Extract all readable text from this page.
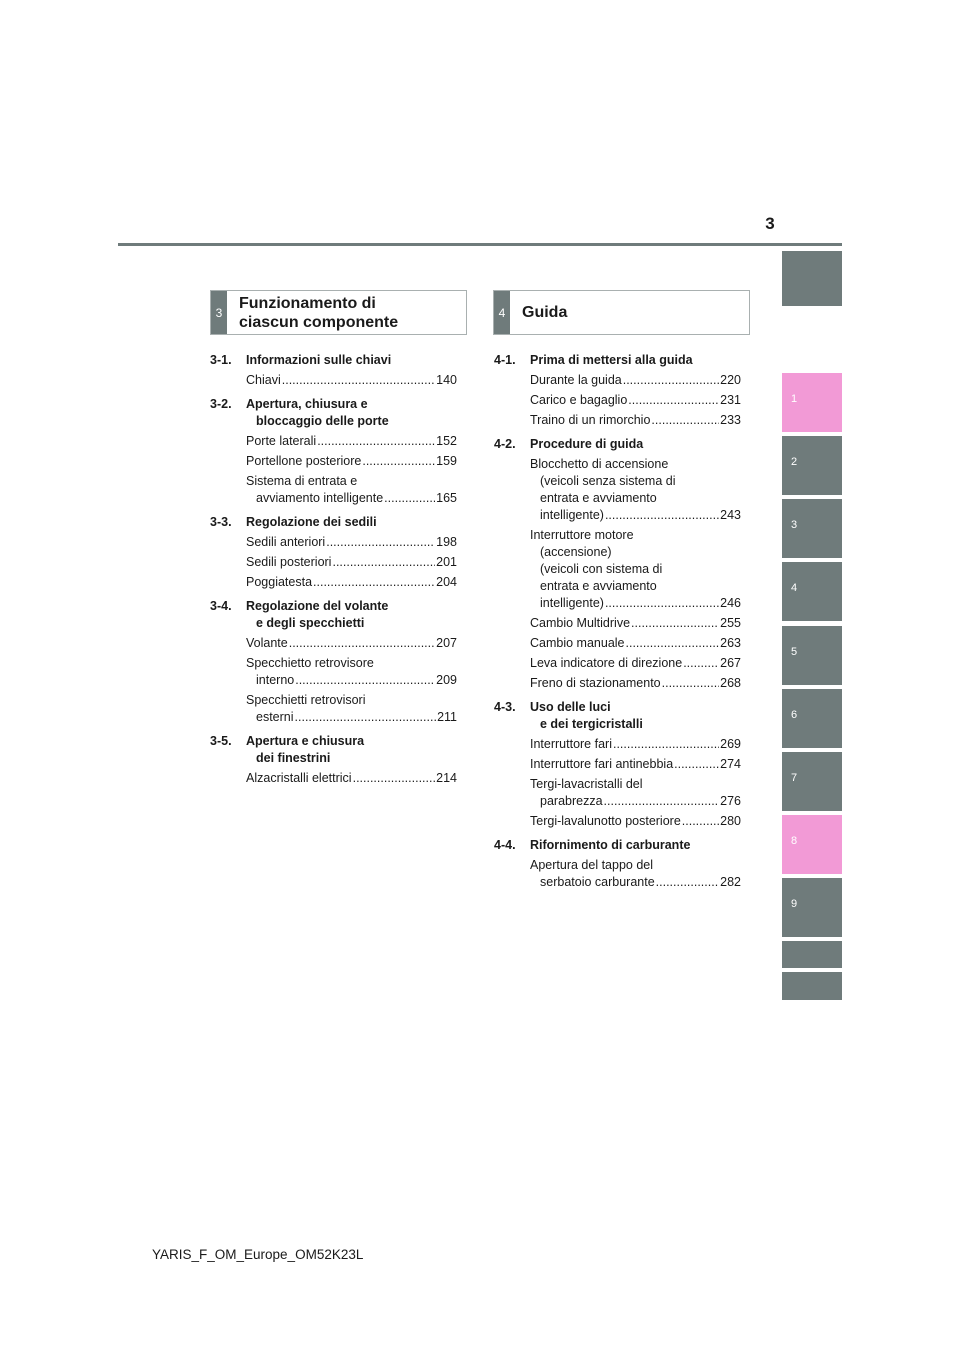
3
1
2
3
4
5
6
7
8
9
3
Funzionamento di
ciascun componente
4 Guida
3-1. Informazioni sulle chiavi
Chiavi .....	140
3-2. Apertura, chiusura e
bloccaggio delle porte
Porte laterali .....	152
Portellone posteriore .....	159
Sistema di entrata e
avviamento intelligente .....	165
3-3. Regolazione dei sedili
Sedili anteriori .....	198
Sedili posteriori .....	201
Poggiatesta .....	204
3-4. Regolazione del volante
e degli specchietti
Volante .....	207
Specchietto retrovisore
interno .....	209
Specchietti retrovisori
esterni .....	211
3-5. Apertura e chiusura
dei finestrini
Alzacristalli elettrici .....	214
4-1. Prima di mettersi alla guida
Durante la guida .....	220
Carico e bagaglio .....	231
Traino di un rimorchio .....	233
4-2. Procedure di guida
Blocchetto di accensione
(veicoli senza sistema di
entrata e avviamento
intelligente) .....	243
Interruttore motore
(accensione)
(veicoli con sistema di
entrata e avviamento
intelligente) .....	246
Cambio Multidrive .....	255
Cambio manuale .....	263
Leva indicatore di direzione .....	267
Freno di stazionamento .....	268
4-3. Uso delle luci
e dei tergicristalli
Interruttore fari .....	269
Interruttore fari antinebbia .....	274
Tergi-lavacristalli del
parabrezza .....	276
Tergi-lavalunotto posteriore .....	280
4-4. Rifornimento di carburante
Apertura del tappo del
serbatoio carburante .....	282
YARIS_F_OM_Europe_OM52K23L
